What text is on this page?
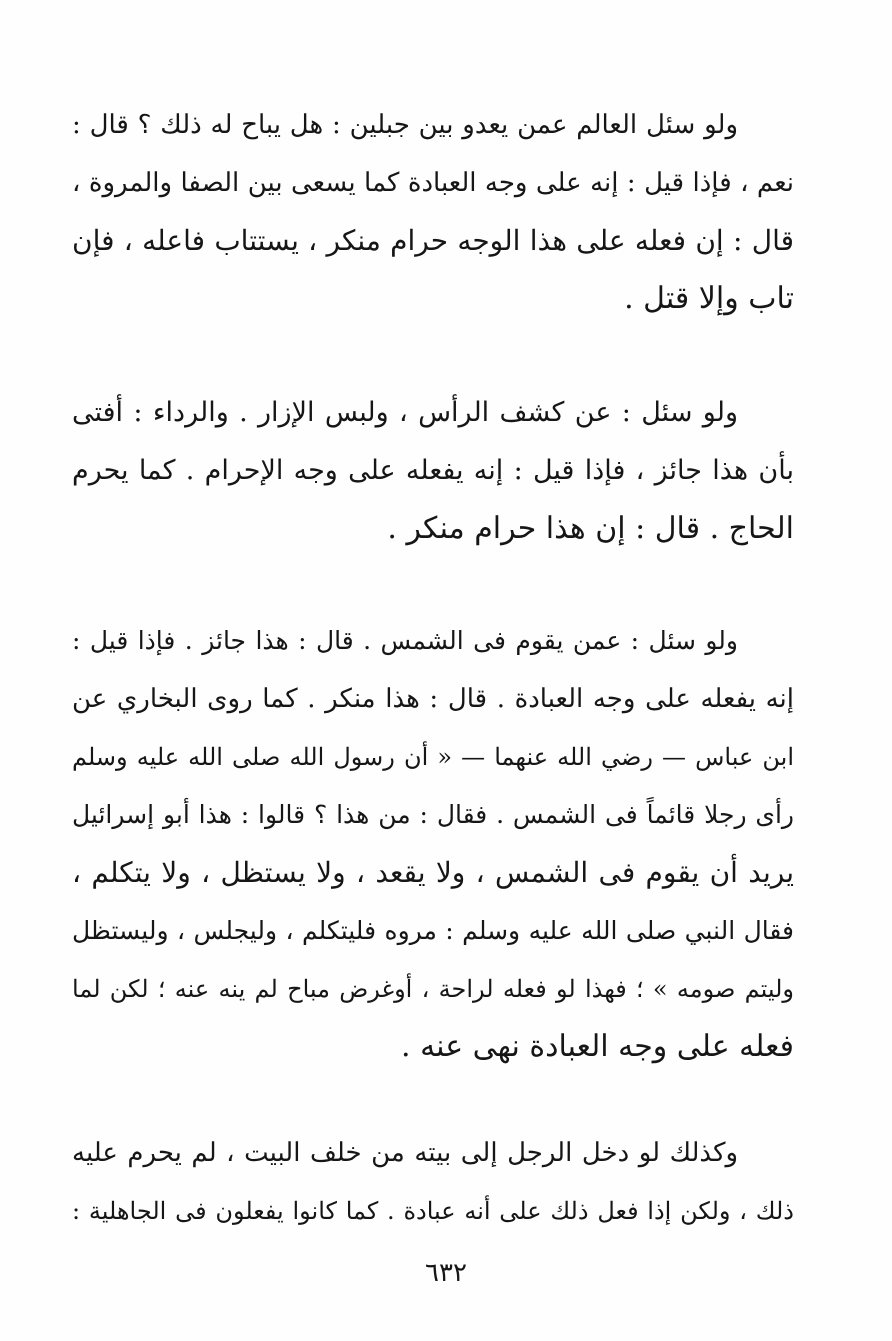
ولو سئل العالم عمن يعدو بين جبلين : هل يباح له ذلك ؟ قال :
نعم ، فإذا قيل : إنه على وجه العبادة كما يسعى بين الصفا والمروة ،
قال : إن فعله على هذا الوجه حرام منكر ، يستتاب فاعله ، فإن
تاب وإلا قتل .
ولو سئل : عن كشف الرأس ، ولبس الإزار . والرداء : أفتى
بأن هذا جائز ، فإذا قيل : إنه يفعله على وجه الإحرام . كما يحرم
الحاج . قال : إن هذا حرام منكر .
ولو سئل : عمن يقوم فى الشمس . قال : هذا جائز . فإذا قيل :
إنه يفعله على وجه العبادة . قال : هذا منكر . كما روى البخاري عن
ابن عباس — رضي الله عنهما — « أن رسول الله صلى الله عليه وسلم
رأى رجلا قائماً فى الشمس . فقال : من هذا ؟ قالوا : هذا أبو إسرائيل
يريد أن يقوم فى الشمس ، ولا يقعد ، ولا يستظل ، ولا يتكلم ،
فقال النبي صلى الله عليه وسلم : مروه فليتكلم ، وليجلس ، وليستظل
وليتم صومه » ؛ فهذا لو فعله لراحة ، أوغرض مباح لم ينه عنه ؛ لكن لما
فعله على وجه العبادة نهى عنه .
وكذلك لو دخل الرجل إلى بيته من خلف البيت ، لم يحرم عليه
ذلك ، ولكن إذا فعل ذلك على أنه عبادة . كما كانوا يفعلون فى الجاهلية :
٦٣٢
